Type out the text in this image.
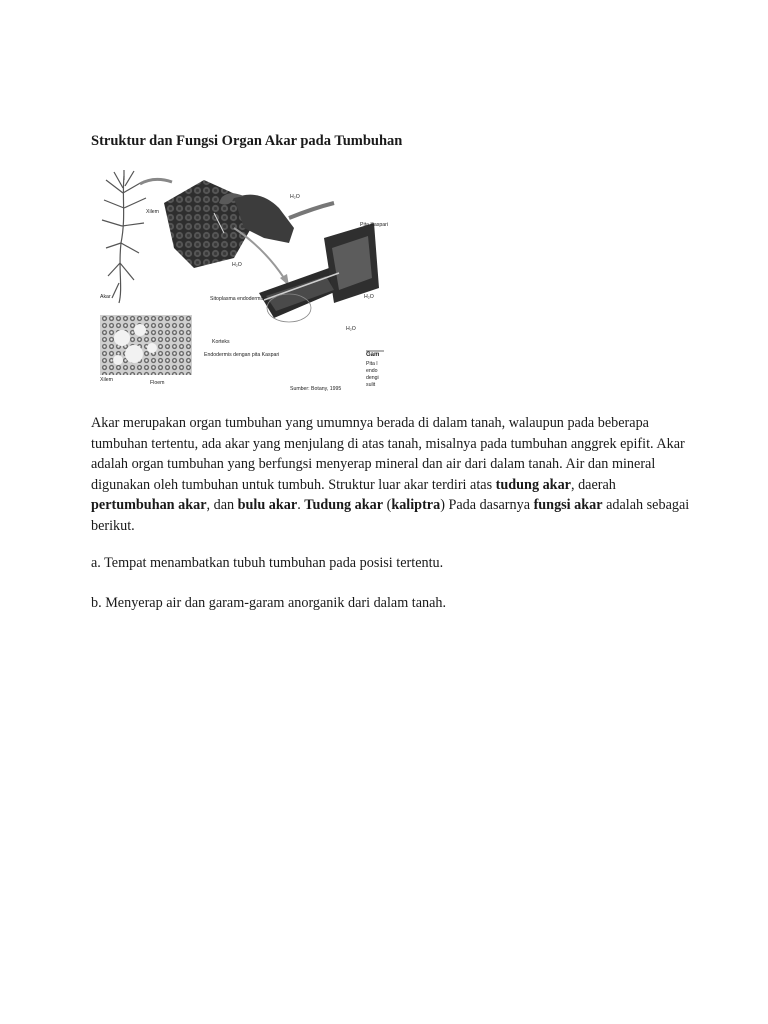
Struktur dan Fungsi Organ Akar pada Tumbuhan
Xilem
H₂O
Pita Kaspari
H₂O
Akar	Sitoplasma endodermis	H₂O
H₂O
Korteks
Endodermis dengan pita Kaspari
Xilem	Floem
Sumber: Botany, 1995
Gam
Pita l
endo
dengi
sulit
Akar merupakan organ tumbuhan yang umumnya berada di dalam tanah, walaupun pada beberapa tumbuhan tertentu, ada akar yang menjulang di atas tanah, misalnya pada tumbuhan anggrek epifit. Akar adalah organ tumbuhan yang berfungsi menyerap mineral dan air dari dalam tanah. Air dan mineral digunakan oleh tumbuhan untuk tumbuh. Struktur luar akar terdiri atas tudung akar, daerah pertumbuhan akar, dan bulu akar. Tudung akar (kaliptra) Pada dasarnya fungsi akar adalah sebagai berikut.
a. Tempat menambatkan tubuh tumbuhan pada posisi tertentu.
b. Menyerap air dan garam-garam anorganik dari dalam tanah.
